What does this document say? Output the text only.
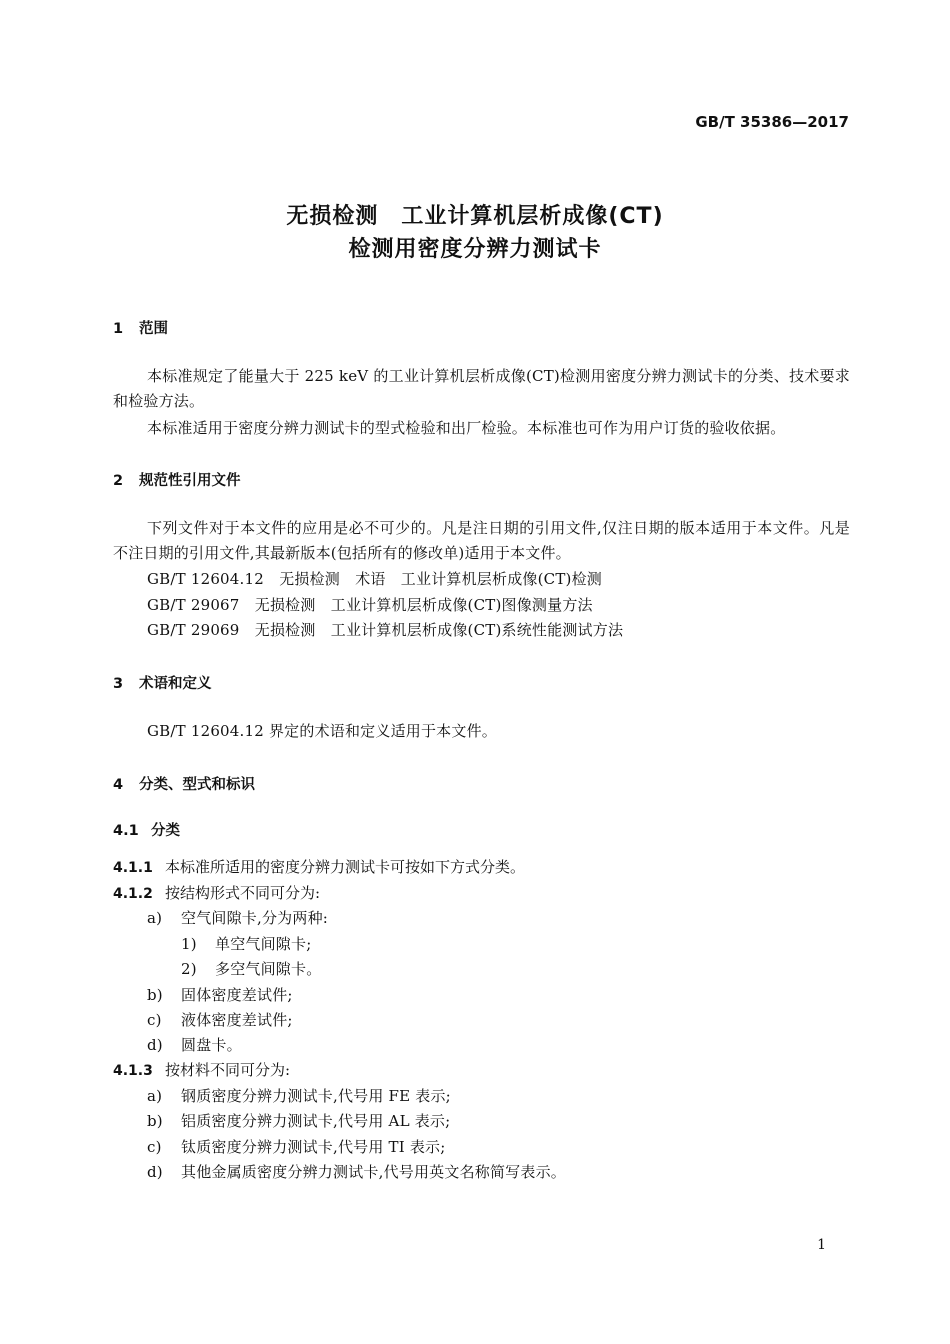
GB/T 35386—2017
无损检测　工业计算机层析成像(CT)
检测用密度分辨力测试卡
1 范围
本标准规定了能量大于 225 keV 的工业计算机层析成像(CT)检测用密度分辨力测试卡的分类、技术要求和检验方法。
本标准适用于密度分辨力测试卡的型式检验和出厂检验。本标准也可作为用户订货的验收依据。
2 规范性引用文件
下列文件对于本文件的应用是必不可少的。凡是注日期的引用文件,仅注日期的版本适用于本文件。凡是不注日期的引用文件,其最新版本(包括所有的修改单)适用于本文件。
GB/T 12604.12　无损检测　术语　工业计算机层析成像(CT)检测
GB/T 29067　无损检测　工业计算机层析成像(CT)图像测量方法
GB/T 29069　无损检测　工业计算机层析成像(CT)系统性能测试方法
3 术语和定义
GB/T 12604.12 界定的术语和定义适用于本文件。
4 分类、型式和标识
4.1 分类
4.1.1 本标准所适用的密度分辨力测试卡可按如下方式分类。
4.1.2 按结构形式不同可分为:
a) 空气间隙卡,分为两种:
1) 单空气间隙卡;
2) 多空气间隙卡。
b) 固体密度差试件;
c) 液体密度差试件;
d) 圆盘卡。
4.1.3 按材料不同可分为:
a) 钢质密度分辨力测试卡,代号用 FE 表示;
b) 铝质密度分辨力测试卡,代号用 AL 表示;
c) 钛质密度分辨力测试卡,代号用 TI 表示;
d) 其他金属质密度分辨力测试卡,代号用英文名称简写表示。
1
